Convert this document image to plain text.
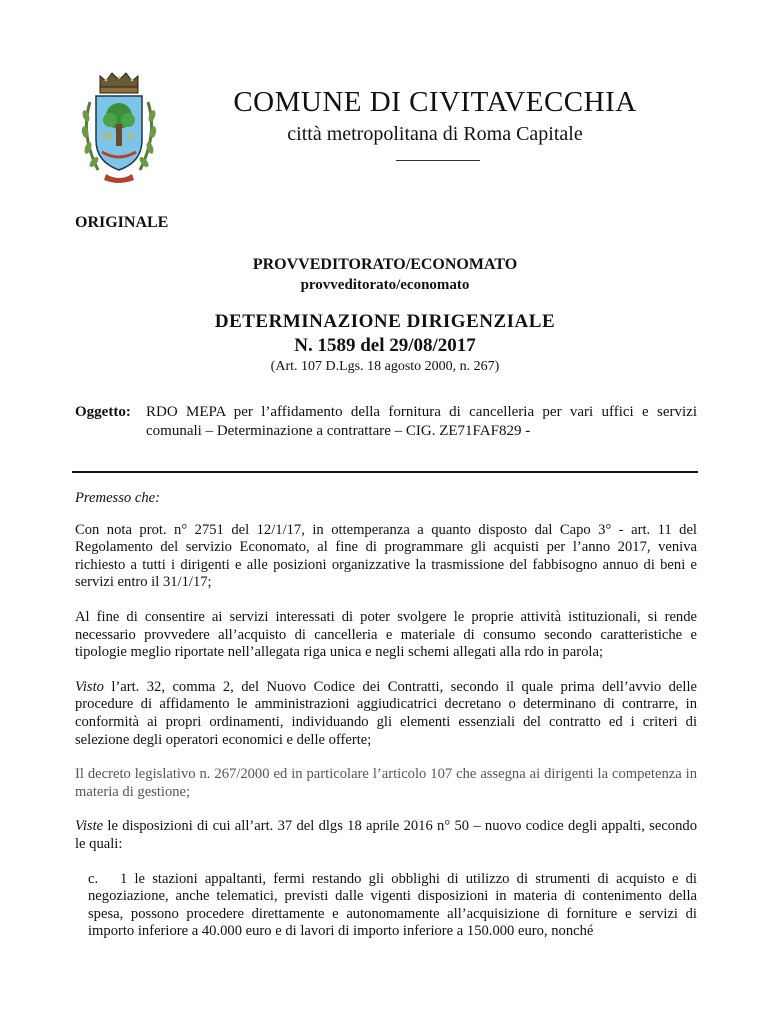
O C
COMUNE DI CIVITAVECCHIA
città metropolitana di Roma Capitale
ORIGINALE
PROVVEDITORATO/ECONOMATO
provveditorato/economato
DETERMINAZIONE DIRIGENZIALE
N. 1589 del 29/08/2017
(Art. 107 D.Lgs. 18 agosto 2000, n. 267)
Oggetto: RDO MEPA per l’affidamento della fornitura di cancelleria per vari uffici e servizi comunali – Determinazione a contrattare – CIG. ZE71FAF829 -

Premesso che:

Con nota prot. n° 2751 del 12/1/17, in ottemperanza a quanto disposto dal Capo 3° - art. 11 del Regolamento del servizio Economato, al fine di programmare gli acquisti per l’anno 2017, veniva richiesto a tutti i dirigenti e alle posizioni organizzative la trasmissione del fabbisogno annuo di beni e servizi entro il 31/1/17;

Al fine di consentire ai servizi interessati di poter svolgere le proprie attività istituzionali, si rende necessario provvedere all’acquisto di cancelleria e materiale di consumo secondo caratteristiche e tipologie meglio riportate nell’allegata riga unica e negli schemi allegati alla rdo in parola;

Visto l’art. 32, comma 2, del Nuovo Codice dei Contratti, secondo il quale prima dell’avvio delle procedure di affidamento le amministrazioni aggiudicatrici decretano o determinano di contrarre, in conformità ai propri ordinamenti, individuando gli elementi essenziali del contratto ed i criteri di selezione degli operatori economici e delle offerte;

Il decreto legislativo n. 267/2000 ed in particolare l’articolo 107 che assegna ai dirigenti la competenza in materia di gestione;

Viste le disposizioni di cui all’art. 37 del dlgs 18 aprile 2016 n° 50 – nuovo codice degli appalti, secondo le quali:

c. 1 le stazioni appaltanti, fermi restando gli obblighi di utilizzo di strumenti di acquisto e di negoziazione, anche telematici, previsti dalle vigenti disposizioni in materia di contenimento della spesa, possono procedere direttamente e autonomamente all’acquisizione di forniture e servizi di importo inferiore a 40.000 euro e di lavori di importo inferiore a 150.000 euro, nonché
